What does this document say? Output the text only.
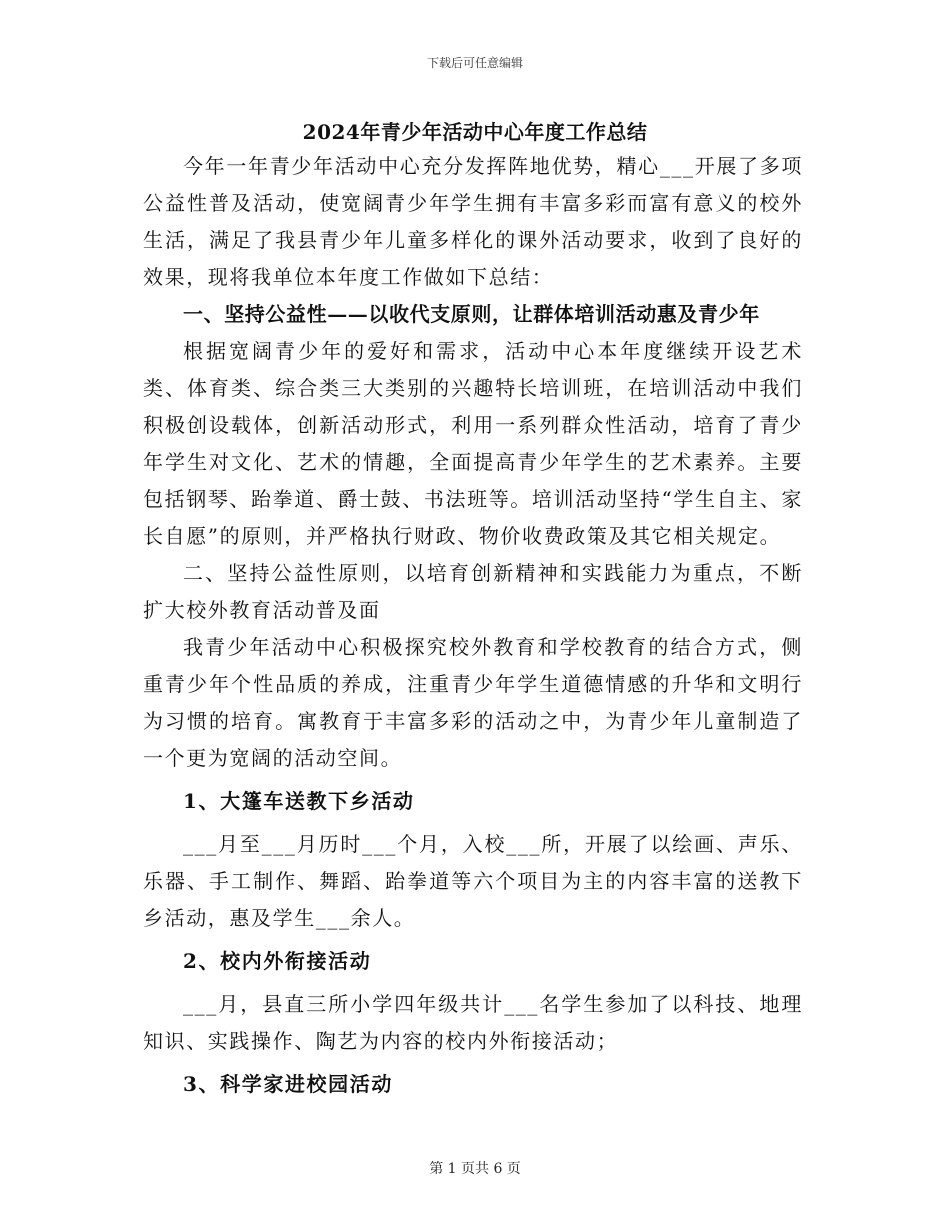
下载后可任意编辑
2024年青少年活动中心年度工作总结

今年一年青少年活动中心充分发挥阵地优势，精心___开展了多项公益性普及活动，使宽阔青少年学生拥有丰富多彩而富有意义的校外生活，满足了我县青少年儿童多样化的课外活动要求，收到了良好的效果，现将我单位本年度工作做如下总结：

一、坚持公益性——以收代支原则，让群体培训活动惠及青少年

根据宽阔青少年的爱好和需求，活动中心本年度继续开设艺术类、体育类、综合类三大类别的兴趣特长培训班，在培训活动中我们积极创设载体，创新活动形式，利用一系列群众性活动，培育了青少年学生对文化、艺术的情趣，全面提高青少年学生的艺术素养。主要包括钢琴、跆拳道、爵士鼓、书法班等。培训活动坚持“学生自主、家长自愿”的原则，并严格执行财政、物价收费政策及其它相关规定。

二、坚持公益性原则，以培育创新精神和实践能力为重点，不断扩大校外教育活动普及面

我青少年活动中心积极探究校外教育和学校教育的结合方式，侧重青少年个性品质的养成，注重青少年学生道德情感的升华和文明行为习惯的培育。寓教育于丰富多彩的活动之中，为青少年儿童制造了一个更为宽阔的活动空间。

1、大篷车送教下乡活动

___月至___月历时___个月，入校___所，开展了以绘画、声乐、乐器、手工制作、舞蹈、跆拳道等六个项目为主的内容丰富的送教下乡活动，惠及学生___余人。

2、校内外衔接活动

___月，县直三所小学四年级共计___名学生参加了以科技、地理知识、实践操作、陶艺为内容的校内外衔接活动；

3、科学家进校园活动

第 1 页共 6 页
